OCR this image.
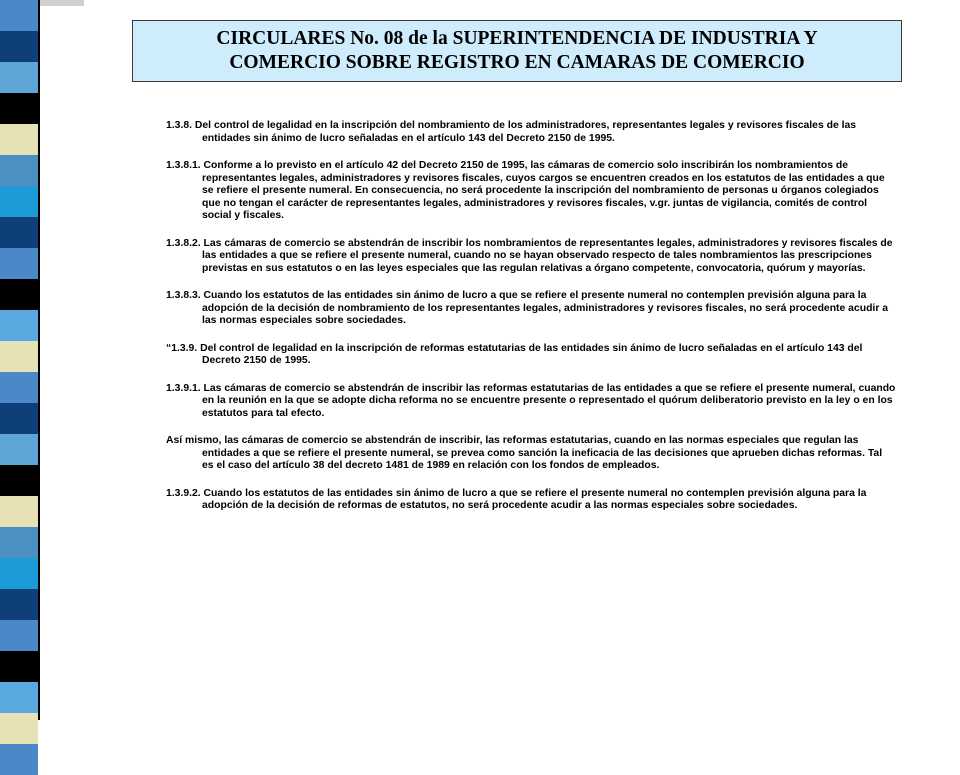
CIRCULARES No. 08 de la SUPERINTENDENCIA DE INDUSTRIA Y
COMERCIO SOBRE REGISTRO EN CAMARAS DE COMERCIO

1.3.8. Del control de legalidad en la inscripción del nombramiento de los administradores, representantes legales y revisores fiscales de las entidades sin ánimo de lucro señaladas en el artículo 143 del Decreto 2150 de 1995.

1.3.8.1. Conforme a lo previsto en el artículo 42 del Decreto 2150 de 1995, las cámaras de comercio solo inscribirán los nombramientos de representantes legales, administradores y revisores fiscales, cuyos cargos se encuentren creados en los estatutos de las entidades a que se refiere el presente numeral. En consecuencia, no será procedente la inscripción del nombramiento de personas u órganos colegiados que no tengan el carácter de representantes legales, administradores y revisores fiscales, v.gr. juntas de vigilancia, comités de control social y fiscales.

1.3.8.2. Las cámaras de comercio se abstendrán de inscribir los nombramientos de representantes legales, administradores y revisores fiscales de las entidades a que se refiere el presente numeral, cuando no se hayan observado respecto de tales nombramientos las prescripciones previstas en sus estatutos o en las leyes especiales que las regulan relativas a órgano competente, convocatoria, quórum y mayorías.

1.3.8.3. Cuando los estatutos de las entidades sin ánimo de lucro a que se refiere el presente numeral no contemplen previsión alguna para la adopción de la decisión de nombramiento de los representantes legales, administradores y revisores fiscales, no será procedente acudir a las normas especiales sobre sociedades.

“1.3.9. Del control de legalidad en la inscripción de reformas estatutarias de las entidades sin ánimo de lucro señaladas en el artículo 143 del Decreto 2150 de 1995.

1.3.9.1. Las cámaras de comercio se abstendrán de inscribir las reformas estatutarias de las entidades a que se refiere el presente numeral, cuando en la reunión en la que se adopte dicha reforma no se encuentre presente o representado el quórum deliberatorio previsto en la ley o en los estatutos para tal efecto.

Así mismo, las cámaras de comercio se abstendrán de inscribir, las reformas estatutarias, cuando en las normas especiales que regulan las entidades a que se refiere el presente numeral, se prevea como sanción la ineficacia de las decisiones que aprueben dichas reformas. Tal es el caso del artículo 38 del decreto 1481 de 1989 en relación con los fondos de empleados.

1.3.9.2. Cuando los estatutos de las entidades sin ánimo de lucro a que se refiere el presente numeral no contemplen previsión alguna para la adopción de la decisión de reformas de estatutos, no será procedente acudir a las normas especiales sobre sociedades.
